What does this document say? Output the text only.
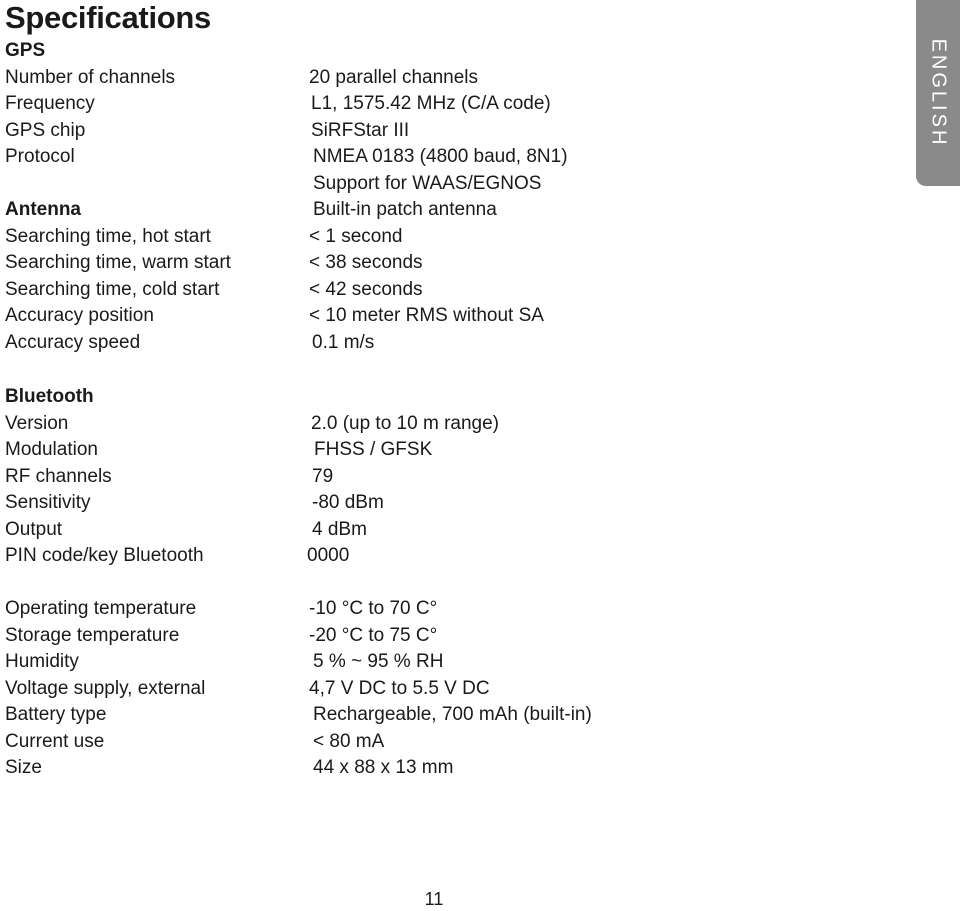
Specifications
ENGLISH
GPS
Number of channels	20 parallel channels
Frequency	L1, 1575.42 MHz (C/A code)
GPS chip	SiRFStar III
Protocol	NMEA 0183 (4800 baud, 8N1)
Support for WAAS/EGNOS
Antenna	Built-in patch antenna
Searching time, hot start	< 1 second
Searching time, warm start	< 38 seconds
Searching time, cold start	< 42 seconds
Accuracy position	< 10 meter RMS without SA
Accuracy speed	0.1 m/s
Bluetooth
Version	2.0 (up to 10 m range)
Modulation	FHSS / GFSK
RF channels	79
Sensitivity	-80 dBm
Output	4 dBm
PIN code/key Bluetooth	0000
Operating temperature	-10 °C to 70 C°
Storage temperature	-20 °C to 75 C°
Humidity	5 % ~ 95 % RH
Voltage supply, external	4,7 V DC to 5.5 V DC
Battery type	Rechargeable, 700 mAh (built-in)
Current use	< 80 mA
Size	44 x 88 x 13 mm
11
